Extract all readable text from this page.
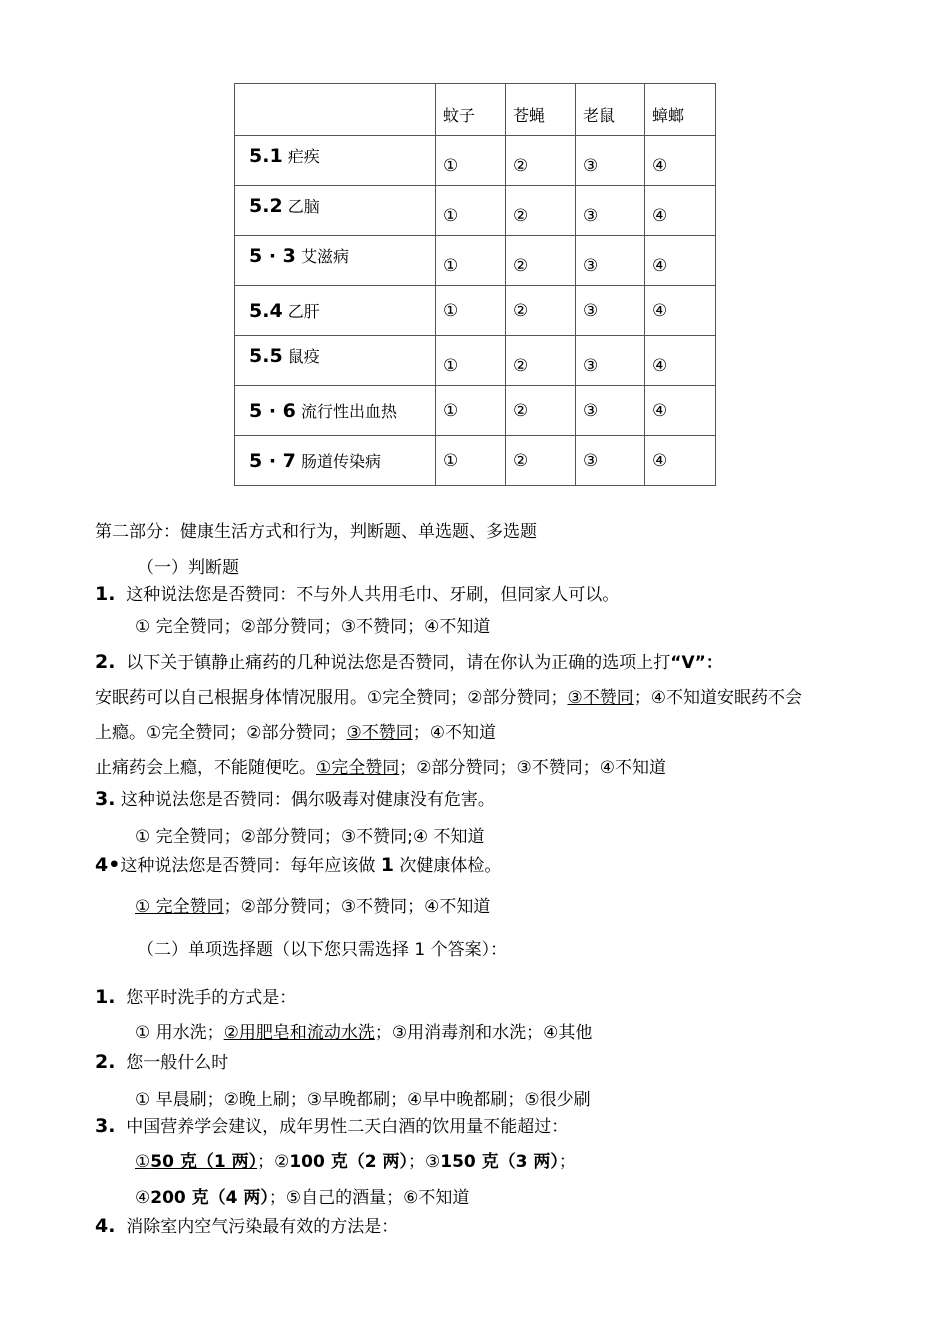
	蚊子	苍蝇	老鼠	蟑螂

5.1 疟疾	①	②	③	④

5.2 乙脑	①	②	③	④

5 · 3 艾滋病	①	②	③	④

5.4 乙肝	①	②	③	④

5.5 鼠疫	①	②	③	④

5 · 6 流行性出血热	①	②	③	④

5 · 7 肠道传染病	①	②	③	④
第二部分：健康生活方式和行为，判断题、单选题、多选题
（一）判断题
1. 这种说法您是否赞同：不与外人共用毛巾、牙刷，但同家人可以。
① 完全赞同；②部分赞同；③不赞同；④不知道
2. 以下关于镇静止痛药的几种说法您是否赞同，请在你认为正确的选项上打“V”：
安眠药可以自己根据身体情况服用。①完全赞同；②部分赞同；③不赞同；④不知道安眠药不会
上瘾。①完全赞同；②部分赞同；③不赞同；④不知道
止痛药会上瘾，不能随便吃。①完全赞同；②部分赞同；③不赞同；④不知道
3. 这种说法您是否赞同：偶尔吸毒对健康没有危害。
① 完全赞同；②部分赞同；③不赞同;④ 不知道
4•这种说法您是否赞同：每年应该做 1 次健康体检。
① 完全赞同；②部分赞同；③不赞同；④不知道
（二）单项选择题（以下您只需选择 1 个答案）：
1. 您平时洗手的方式是：
① 用水洗；②用肥皂和流动水洗；③用消毒剂和水洗；④其他
2. 您一般什么时
① 早晨刷；②晚上刷；③早晚都刷；④早中晚都刷；⑤很少刷
3. 中国营养学会建议，成年男性二天白酒的饮用量不能超过：
①50 克（1 两）；②100 克（2 两）；③150 克（3 两）；
④200 克（4 两）；⑤自己的酒量；⑥不知道
4. 消除室内空气污染最有效的方法是：
